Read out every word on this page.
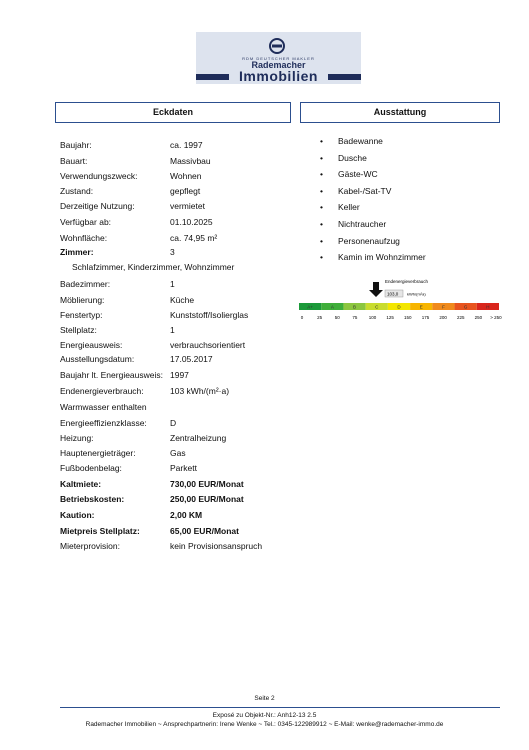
RDM DEUTSCHER MAKLER
Rademacher
Immobilien
Eckdaten	Ausstattung
Baujahr:	ca. 1997
Bauart:	Massivbau
Verwendungszweck:	Wohnen
Zustand:	gepflegt
Derzeitige Nutzung:	vermietet
Verfügbar ab:	01.10.2025
Wohnfläche:	ca. 74,95 m²
Zimmer:	3
Schlafzimmer, Kinderzimmer, Wohnzimmer
Badezimmer:	1
Möblierung:	Küche
Fenstertyp:	Kunststoff/Isolierglas
Stellplatz:	1
Energieausweis:	verbrauchsorientiert
Ausstellungsdatum:	17.05.2017
Baujahr lt. Energieausweis: 1997
Endenergieverbrauch:	103 kWh/(m²·a)
Warmwasser enthalten
Energieeffizienzklasse:	D
Heizung:	Zentralheizung
Hauptenergieträger:	Gas
Fußbodenbelag:	Parkett
Kaltmiete:	730,00 EUR/Monat
Betriebskosten:	250,00 EUR/Monat
Kaution:	2,00 KM
Mietpreis Stellplatz:	65,00 EUR/Monat
Mieterprovision:	kein Provisionsanspruch
• Badewanne
• Dusche
• Gäste-WC
• Kabel-/Sat-TV
• Keller
• Nichtraucher
• Personenaufzug
• Kamin im Wohnzimmer
Endenergieverbrauch
103,0 kWh/(m²a)
A+	A	B	C	D	E	F	G	H
0	25	50	75	100 125 150 175 200 225 250 > 250
Seite 2
Exposé zu Objekt-Nr.: Anh12-13 2.5
Rademacher Immobilien ~ Ansprechpartnerin: Irene Wenke ~ Tel.: 0345-122989912 ~ E-Mail: wenke@rademacher-immo.de
